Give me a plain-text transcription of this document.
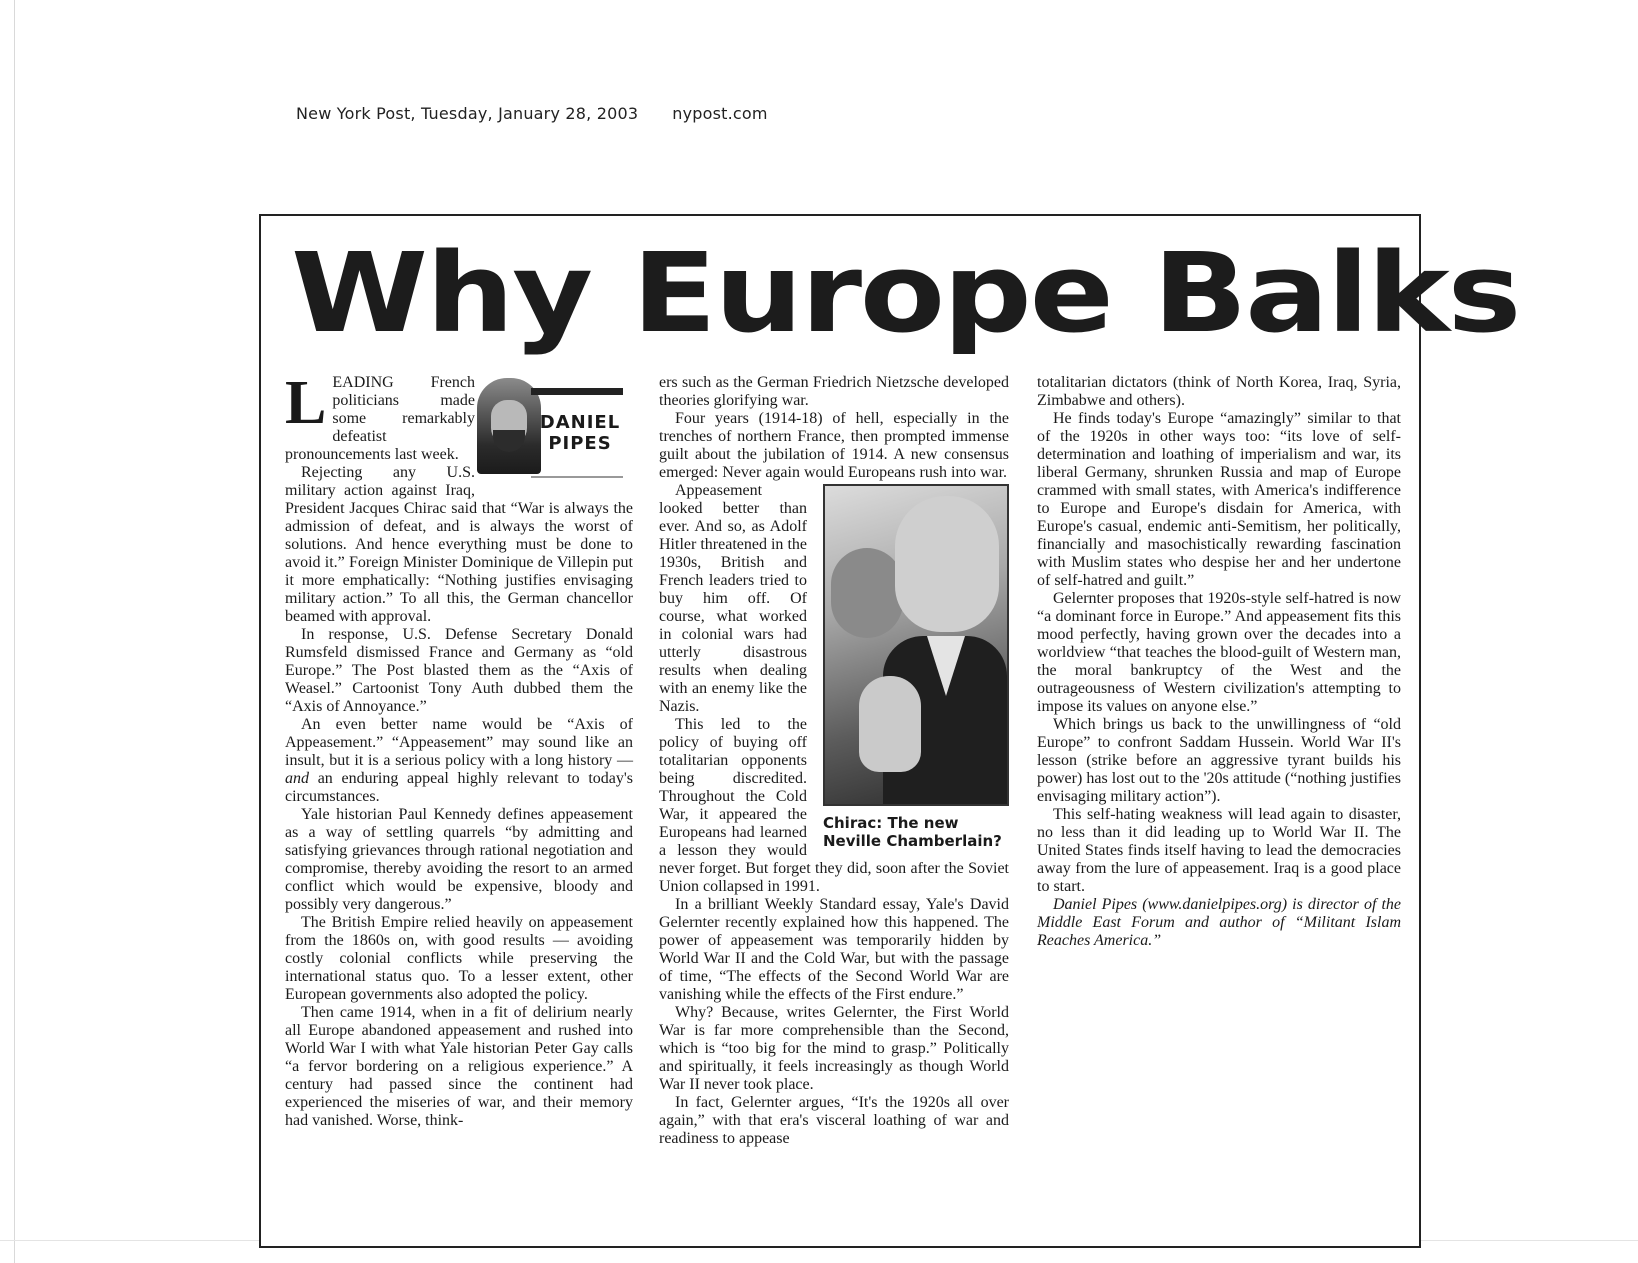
New York Post, Tuesday, January 28, 2003 nypost.com
Why Europe Balks

L	DANIEL
PIPES
EADING French politicians made some remarkably defeatist pronouncements last week.

Rejecting any U.S. military action against Iraq, President Jacques Chirac said that “War is always the admission of defeat, and is always the worst of solutions. And hence everything must be done to avoid it.” Foreign Minister Dominique de Villepin put it more emphatically: “Nothing justifies envisaging military action.” To all this, the German chancellor beamed with approval.

In response, U.S. Defense Secretary Donald Rumsfeld dismissed France and Germany as “old Europe.” The Post blasted them as the “Axis of Weasel.” Cartoonist Tony Auth dubbed them the “Axis of Annoyance.”

An even better name would be “Axis of Appeasement.” “Appeasement” may sound like an insult, but it is a serious policy with a long history — and an enduring appeal highly relevant to today's circumstances.

Yale historian Paul Kennedy defines appeasement as a way of settling quarrels “by admitting and satisfying grievances through rational negotiation and compromise, thereby avoiding the resort to an armed conflict which would be expensive, bloody and possibly very dangerous.”

The British Empire relied heavily on appeasement from the 1860s on, with good results — avoiding costly colonial conflicts while preserving the international status quo. To a lesser extent, other European governments also adopted the policy.

Then came 1914, when in a fit of delirium nearly all Europe abandoned appeasement and rushed into World War I with what Yale historian Peter Gay calls “a fervor bordering on a religious experience.” A century had passed since the continent had experienced the miseries of war, and their memory had vanished. Worse, think-

ers such as the German Friedrich Nietzsche developed theories glorifying war.

Four years (1914-18) of hell, especially in the trenches of northern France, then prompted immense guilt about the jubilation of 1914. A new consensus emerged: Never again would Europeans rush into war.

Chirac: The new Neville Chamberlain?

Appeasement looked better than ever. And so, as Adolf Hitler threatened in the 1930s, British and French leaders tried to buy him off. Of course, what worked in colonial wars had utterly disastrous results when dealing with an enemy like the Nazis.

This led to the policy of buying off totalitarian opponents being discredited. Throughout the Cold War, it appeared the Europeans had learned a lesson they would never forget. But forget they did, soon after the Soviet Union collapsed in 1991.

In a brilliant Weekly Standard essay, Yale's David Gelernter recently explained how this happened. The power of appeasement was temporarily hidden by World War II and the Cold War, but with the passage of time, “The effects of the Second World War are vanishing while the effects of the First endure.”

Why? Because, writes Gelernter, the First World War is far more comprehensible than the Second, which is “too big for the mind to grasp.” Politically and spiritually, it feels increasingly as though World War II never took place.

In fact, Gelernter argues, “It's the 1920s all over again,” with that era's visceral loathing of war and readiness to appease

totalitarian dictators (think of North Korea, Iraq, Syria, Zimbabwe and others).

He finds today's Europe “amazingly” similar to that of the 1920s in other ways too: “its love of self-determination and loathing of imperialism and war, its liberal Germany, shrunken Russia and map of Europe crammed with small states, with America's indifference to Europe and Europe's disdain for America, with Europe's casual, endemic anti-Semitism, her politically, financially and masochistically rewarding fascination with Muslim states who despise her and her undertone of self-hatred and guilt.”

Gelernter proposes that 1920s-style self-hatred is now “a dominant force in Europe.” And appeasement fits this mood perfectly, having grown over the decades into a worldview “that teaches the blood-guilt of Western man, the moral bankruptcy of the West and the outrageousness of Western civilization's attempting to impose its values on anyone else.”

Which brings us back to the unwillingness of “old Europe” to confront Saddam Hussein. World War II's lesson (strike before an aggressive tyrant builds his power) has lost out to the '20s attitude (“nothing justifies envisaging military action”).

This self-hating weakness will lead again to disaster, no less than it did leading up to World War II. The United States finds itself having to lead the democracies away from the lure of appeasement. Iraq is a good place to start.

Daniel Pipes (www.danielpipes.org) is director of the Middle East Forum and author of “Militant Islam Reaches America.”
